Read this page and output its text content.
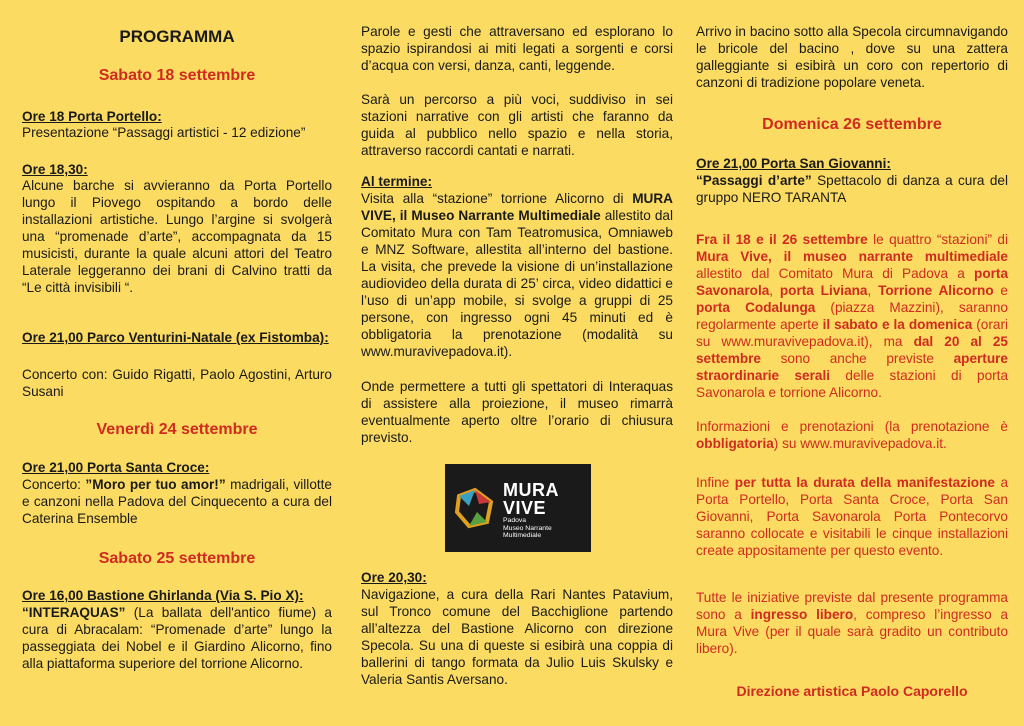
PROGRAMMA
Sabato 18 settembre
Ore 18 Porta Portello:
Presentazione “Passaggi artistici - 12 edizione”
Ore 18,30:
Alcune barche si avvieranno da Porta Portello lungo il Piovego ospitando a bordo delle installazioni artistiche. Lungo l’argine si svolgerà una “promenade d’arte”, accompagnata da 15 musicisti, durante la quale alcuni attori del Teatro Laterale leggeranno dei brani di Calvino tratti da “Le città invisibili “.
Ore 21,00 Parco Venturini-Natale (ex Fistomba):
Concerto con: Guido Rigatti, Paolo Agostini, Arturo Susani
Venerdì 24 settembre
Ore 21,00 Porta Santa Croce:
Concerto: ”Moro per tuo amor!” madrigali, villotte e canzoni nella Padova del Cinquecento a cura del Caterina Ensemble
Sabato 25 settembre
Ore 16,00 Bastione Ghirlanda (Via S. Pio X):
“INTERAQUAS” (La ballata dell'antico fiume) a cura di Abracalam: “Promenade d’arte” lungo la passeggiata dei Nobel e il Giardino Alicorno, fino alla piattaforma superiore del torrione Alicorno.
Parole e gesti che attraversano ed esplorano lo spazio ispirandosi ai miti legati a sorgenti e corsi d’acqua con versi, danza, canti, leggende.
Sarà un percorso a più voci, suddiviso in sei stazioni narrative con gli artisti che faranno da guida al pubblico nello spazio e nella storia, attraverso raccordi cantati e narrati.
Al termine:
Visita alla “stazione” torrione Alicorno di MURA VIVE, il Museo Narrante Multimediale allestito dal Comitato Mura con Tam Teatromusica, Omniaweb e MNZ Software, allestita all’interno del bastione. La visita, che prevede la visione di un’installazione audiovideo della durata di 25’ circa, video didattici e l’uso di un’app mobile, si svolge a gruppi di 25 persone, con ingresso ogni 45 minuti ed è obbligatoria la prenotazione (modalità su www.muravivepadova.it).
Onde permettere a tutti gli spettatori di Interaquas di assistere alla proiezione, il museo rimarrà eventualmente aperto oltre l’orario di chiusura previsto.
MURA
VIVE
Padova
Museo Narrante
Multimediale
Ore 20,30:
Navigazione, a cura della Rari Nantes Patavium, sul Tronco comune del Bacchiglione partendo all’altezza del Bastione Alicorno con direzione Specola. Su una di queste si esibirà una coppia di ballerini di tango formata da Julio Luis Skulsky e Valeria Santis Aversano.
Arrivo in bacino sotto alla Specola circumnavigando le bricole del bacino , dove su una zattera galleggiante si esibirà un coro con repertorio di canzoni di tradizione popolare veneta.
Domenica 26 settembre
Ore 21,00 Porta San Giovanni:
“Passaggi d’arte” Spettacolo di danza a cura del gruppo NERO TARANTA
Fra il 18 e il 26 settembre le quattro “stazioni” di Mura Vive, il museo narrante multimediale allestito dal Comitato Mura di Padova a porta Savonarola, porta Liviana, Torrione Alicorno e porta Codalunga (piazza Mazzini), saranno regolarmente aperte il sabato e la domenica (orari su www.muravivepadova.it), ma dal 20 al 25 settembre sono anche previste aperture straordinarie serali delle stazioni di porta Savonarola e torrione Alicorno.
Informazioni e prenotazioni (la prenotazione è obbligatoria) su www.muravivepadova.it.
Infine per tutta la durata della manifestazione a Porta Portello, Porta Santa Croce, Porta San Giovanni, Porta Savonarola Porta Pontecorvo saranno collocate e visitabili le cinque installazioni create appositamente per questo evento.
Tutte le iniziative previste dal presente programma sono a ingresso libero, compreso l’ingresso a Mura Vive (per il quale sarà gradito un contributo libero).
Direzione artistica Paolo Caporello
